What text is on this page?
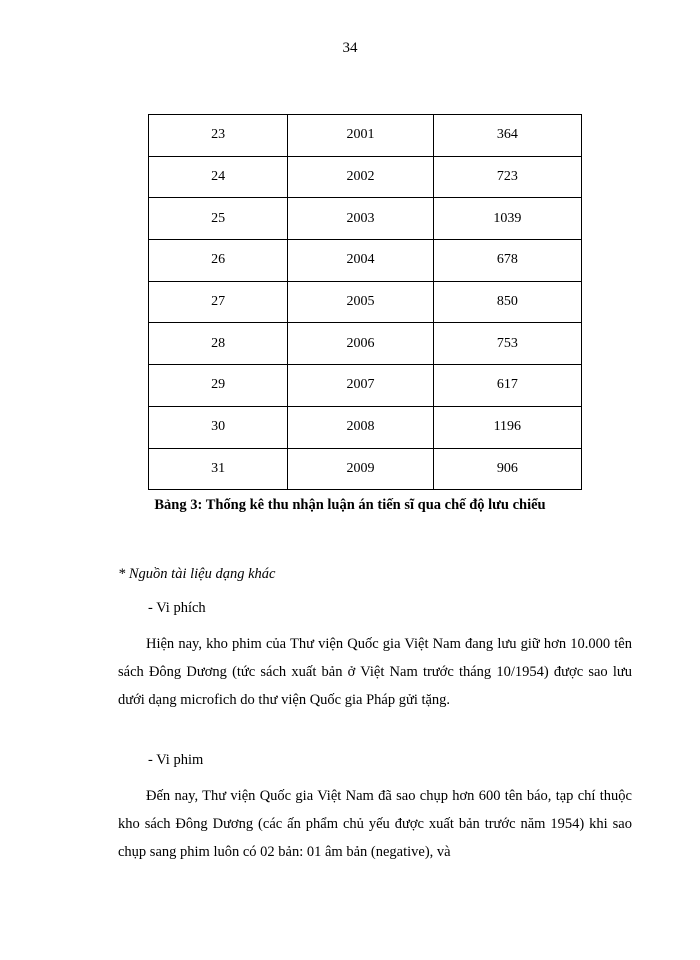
34
23	2001	364
24	2002	723
25	2003	1039
26	2004	678
27	2005	850
28	2006	753
29	2007	617
30	2008	1196
31	2009	906
Bảng 3: Thống kê thu nhận luận án tiến sĩ qua chế độ lưu chiểu
* Nguồn tài liệu dạng khác
- Vi phích

Hiện nay, kho phim của Thư viện Quốc gia Việt Nam đang lưu giữ hơn 10.000 tên sách Đông Dương (tức sách xuất bản ở Việt Nam trước tháng 10/1954) được sao lưu dưới dạng microfich do thư viện Quốc gia Pháp gửi tặng.

- Vi phim

Đến nay, Thư viện Quốc gia Việt Nam đã sao chụp hơn 600 tên báo, tạp chí thuộc kho sách Đông Dương (các ấn phẩm chủ yếu được xuất bản trước năm 1954) khi sao chụp sang phim luôn có 02 bản: 01 âm bản (negative), và
